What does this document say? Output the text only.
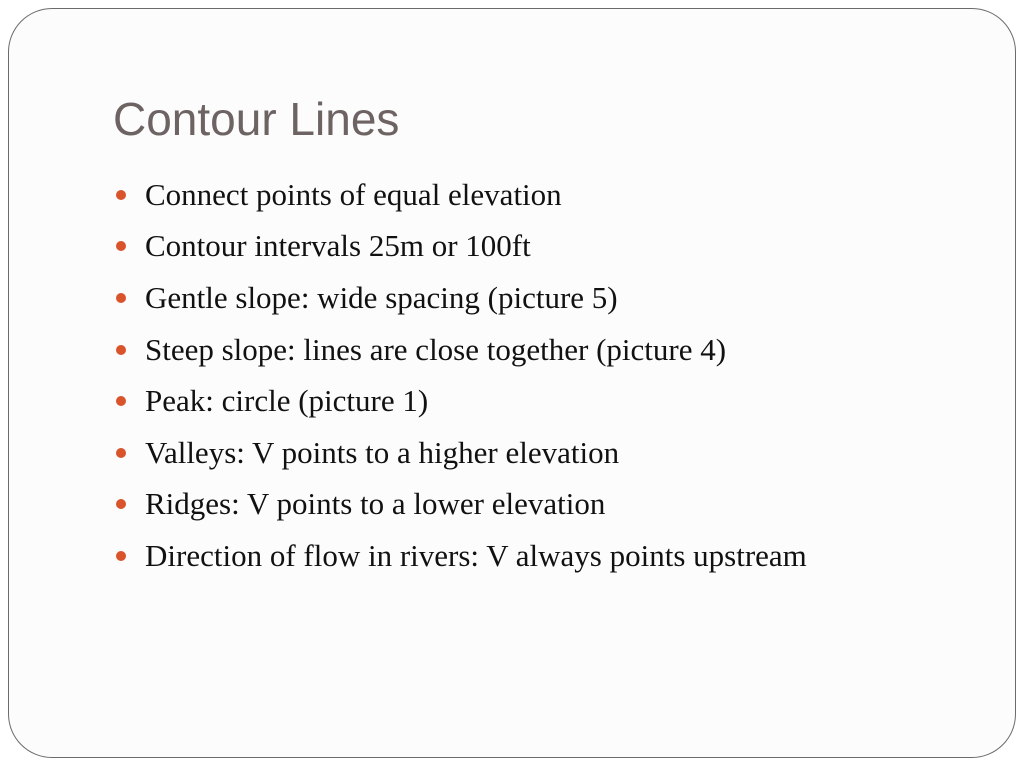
Contour Lines
Connect points of equal elevation
Contour intervals 25m or 100ft
Gentle slope: wide spacing (picture 5)
Steep slope: lines are close together (picture 4)
Peak: circle (picture 1)
Valleys: V points to a higher elevation
Ridges: V points to a lower elevation
Direction of flow in rivers: V always points upstream
